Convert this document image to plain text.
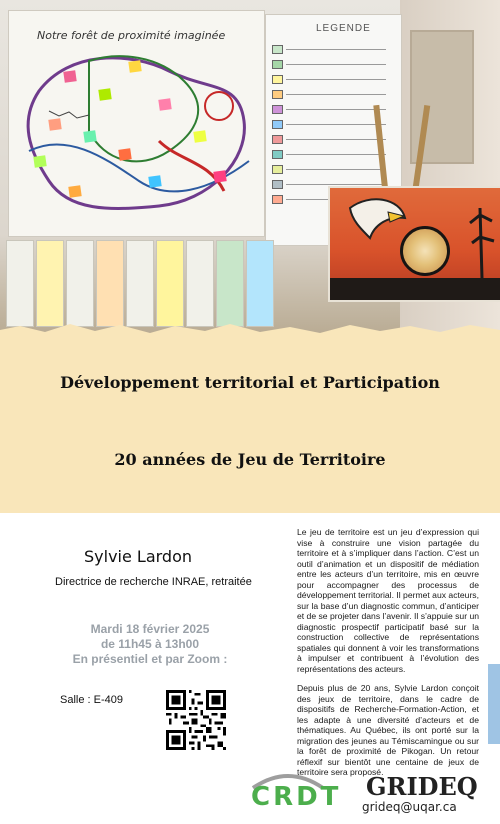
Notre forêt de proximité imaginée
LEGENDE
Développement territorial et Participation
20 années de Jeu de Territoire
Sylvie Lardon
Directrice de recherche INRAE, retraitée
Mardi 18 février 2025
de 11h45 à 13h00
En présentiel et par Zoom :
Salle : E-409

Le jeu de territoire est un jeu d’expression qui vise à construire une vision partagée du territoire et à s’impliquer dans l’action. C’est un outil d’animation et un dispositif de médiation entre les acteurs d’un territoire, mis en œuvre pour accompagner des processus de développement territorial. Il permet aux acteurs, sur la base d’un diagnostic commun, d’anticiper et de se projeter dans l’avenir. Il s’appuie sur un diagnostic prospectif participatif basé sur la construction collective de représentations spatiales qui donnent à voir les transformations à impulser et contribuent à l’évolution des représentations des acteurs.

Depuis plus de 20 ans, Sylvie Lardon conçoit des jeux de territoire, dans le cadre de dispositifs de Recherche-Formation-Action, et les adapte à une diversité d’acteurs et de thématiques. Au Québec, ils ont porté sur la migration des jeunes au Témiscamingue ou sur la forêt de proximité de Pikogan. Un retour réflexif sur bientôt une centaine de jeux de territoire sera proposé.

CRDT GRIDEQ
grideq@uqar.ca
